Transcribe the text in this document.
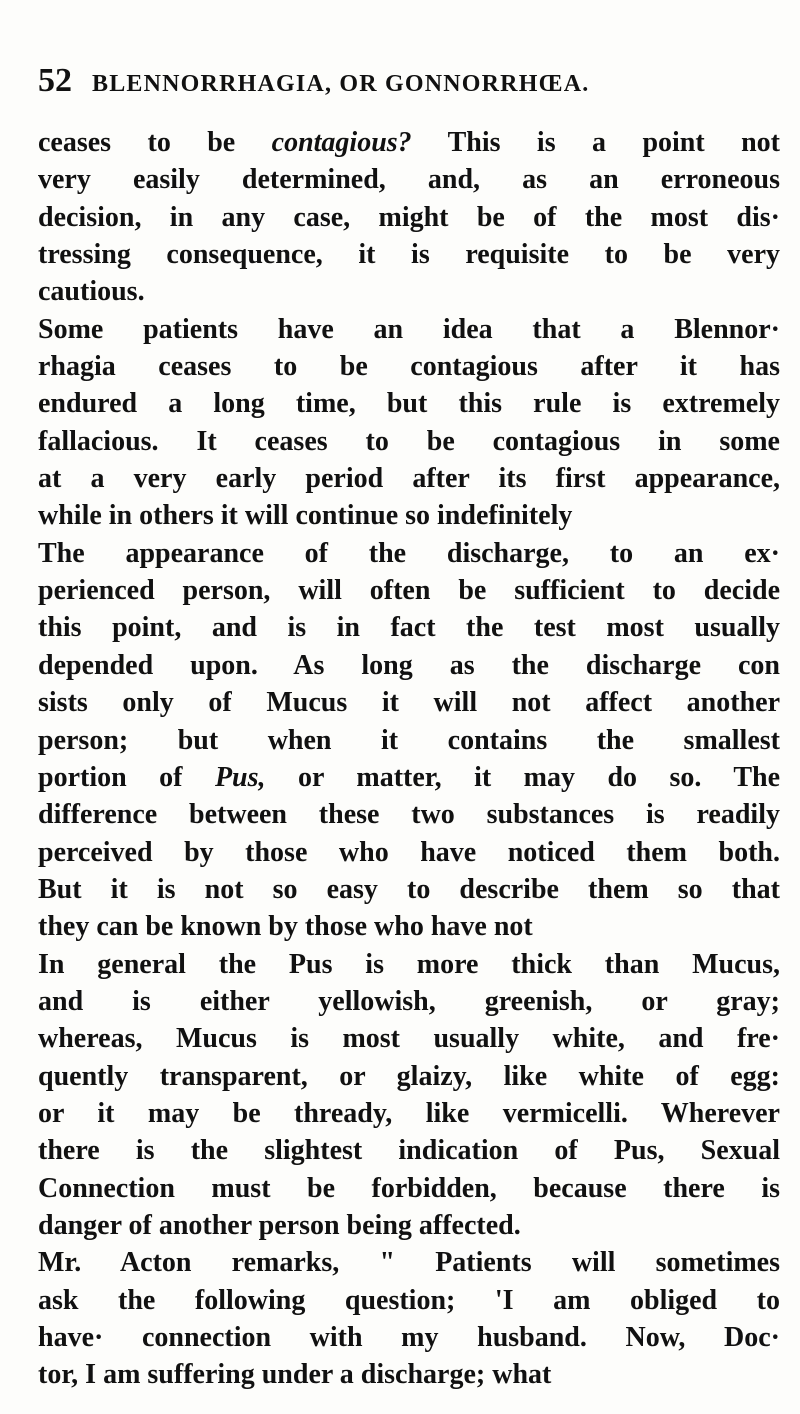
52 BLENNORRHAGIA, OR GONNORRHŒA.
ceases to be contagious? This is a point not
very easily determined, and, as an erroneous
decision, in any case, might be of the most dis·
tressing consequence, it is requisite to be very
cautious.
Some patients have an idea that a Blennor·
rhagia ceases to be contagious after it has
endured a long time, but this rule is extremely
fallacious. It ceases to be contagious in some
at a very early period after its first appearance,
while in others it will continue so indefinitely
The appearance of the discharge, to an ex·
perienced person, will often be sufficient to decide
this point, and is in fact the test most usually
depended upon. As long as the discharge con
sists only of Mucus it will not affect another
person; but when it contains the smallest
portion of Pus, or matter, it may do so. The
difference between these two substances is readily
perceived by those who have noticed them both.
But it is not so easy to describe them so that
they can be known by those who have not
In general the Pus is more thick than Mucus,
and is either yellowish, greenish, or gray;
whereas, Mucus is most usually white, and fre·
quently transparent, or glaizy, like white of egg:
or it may be thready, like vermicelli. Wherever
there is the slightest indication of Pus, Sexual
Connection must be forbidden, because there is
danger of another person being affected.
Mr. Acton remarks, " Patients will sometimes
ask the following question; 'I am obliged to
have· connection with my husband. Now, Doc·
tor, I am suffering under a discharge; what
